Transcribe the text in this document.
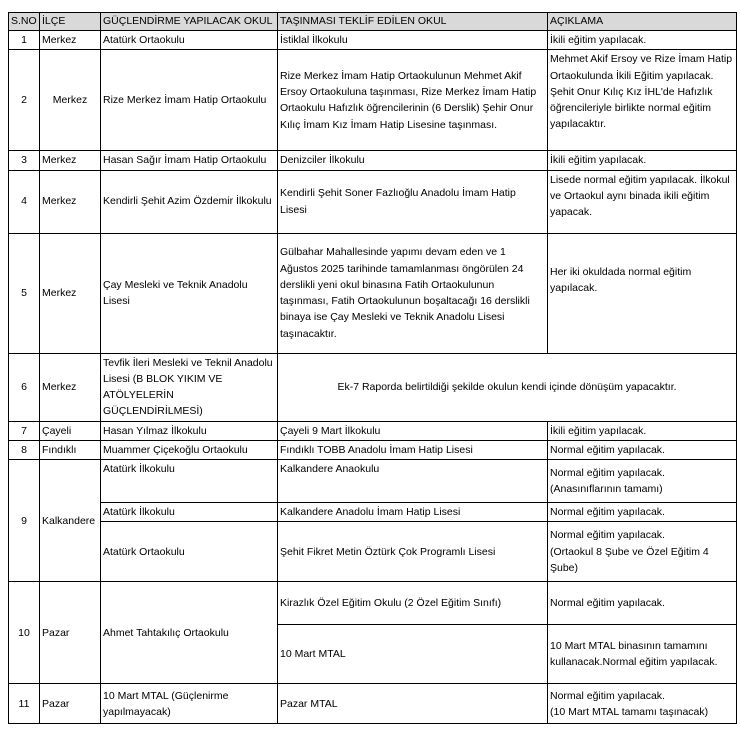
S.NO	İLÇE	GÜÇLENDİRME YAPILACAK OKUL	TAŞINMASI TEKLİF EDİLEN OKUL	AÇIKLAMA
1	Merkez	Atatürk Ortaokulu	İstiklal İlkokulu	İkili eğitim yapılacak.
2	Merkez	Rize Merkez İmam Hatip Ortaokulu	Rize Merkez İmam Hatip Ortaokulunun Mehmet Akif Ersoy Ortaokuluna taşınması, Rize Merkez İmam Hatip Ortaokulu Hafızlık öğrencilerinin (6 Derslik) Şehir Onur Kılıç İmam Kız İmam Hatip Lisesine taşınması.	Mehmet Akif Ersoy ve Rize İmam Hatip Ortaokulunda İkili Eğitim yapılacak. Şehit Onur Kılıç Kız İHL'de Hafızlık öğrencileriyle birlikte normal eğitim yapılacaktır.
3	Merkez	Hasan Sağır İmam Hatip Ortaokulu	Denizciler İlkokulu	İkili eğitim yapılacak.
4	Merkez	Kendirli Şehit Azim Özdemir İlkokulu	Kendirli Şehit Soner Fazlıoğlu Anadolu İmam Hatip Lisesi	Lisede normal eğitim yapılacak. İlkokul ve Ortaokul aynı binada ikili eğitim yapacak.
5	Merkez	Çay Mesleki ve Teknik Anadolu Lisesi	Gülbahar Mahallesinde yapımı devam eden ve 1 Ağustos 2025 tarihinde tamamlanması öngörülen 24 derslikli yeni okul binasına Fatih Ortaokulunun taşınması, Fatih Ortaokulunun boşaltacağı 16 derslikli binaya ise Çay Mesleki ve Teknik Anadolu Lisesi taşınacaktır.	Her iki okuldada normal eğitim yapılacak.
6	Merkez	Tevfik İleri Mesleki ve Teknil Anadolu Lisesi (B BLOK YIKIM VE ATÖLYELERİN GÜÇLENDİRİLMESİ)	Ek-7 Raporda belirtildiği şekilde okulun kendi içinde dönüşüm yapacaktır.	
7	Çayeli	Hasan Yılmaz İlkokulu	Çayeli 9 Mart İlkokulu	İkili eğitim yapılacak.
8	Fındıklı	Muammer Çiçekoğlu Ortaokulu	Fındıklı TOBB Anadolu İmam Hatip Lisesi	Normal eğitim yapılacak.
9	Kalkandere	Atatürk İlkokulu	Kalkandere Anaokulu	Normal eğitim yapılacak.
(Anasınıflarının tamamı)

		Atatürk İlkokulu	Kalkandere Anadolu İmam Hatip Lisesi	Normal eğitim yapılacak.
		Atatürk Ortaokulu	Şehit Fikret Metin Öztürk Çok Programlı Lisesi	Normal eğitim yapılacak.
(Ortaokul 8 Şube ve Özel Eğitim 4 Şube)

10	Pazar	Ahmet Tahtakılıç Ortaokulu	Kirazlık Özel Eğitim Okulu (2 Özel Eğitim Sınıfı)	Normal eğitim yapılacak.
			10 Mart MTAL	10 Mart MTAL binasının tamamını
kullanacak.Normal eğitim yapılacak.

11	Pazar	10 Mart MTAL (Güçlenirme yapılmayacak)	Pazar MTAL	Normal eğitim yapılacak.
(10 Mart MTAL tamamı taşınacak)
